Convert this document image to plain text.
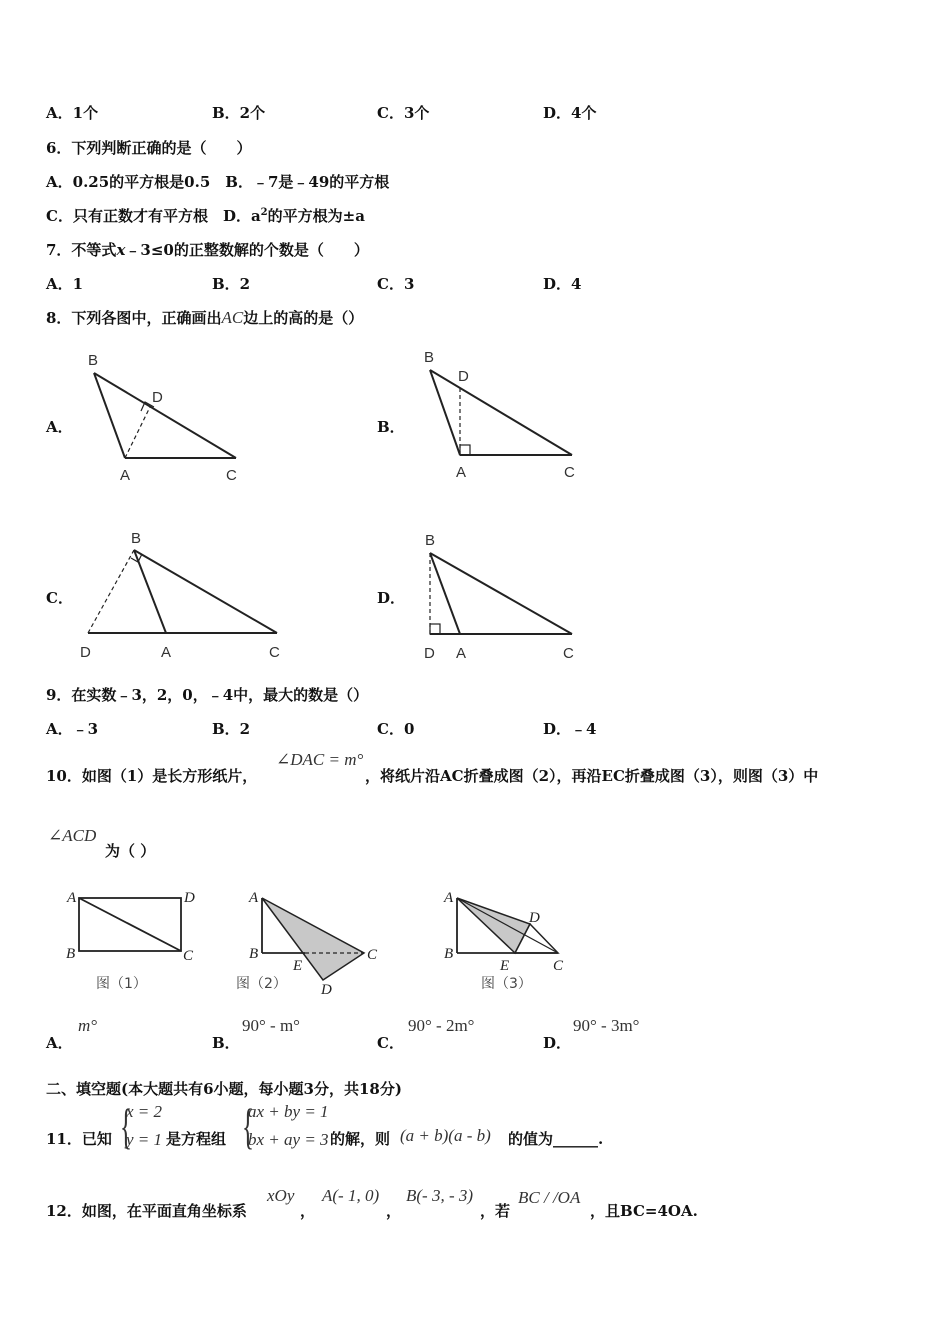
A．1个	B．2个	C．3个	D．4个
6．下列判断正确的是（　　）
A．0.25的平方根是0.5　B．﹣7是﹣49的平方根
C．只有正数才有平方根　D．$a^2$的平方根为±a
7．不等式x﹣3≤0的正整数解的个数是（　　）
A．1	B．2	C．3	D．4
8．下列各图中，正确画出AC边上的高的是（）
A．	B．
C．	D．
B
D
A	C
B
D
A	C
B
D	A	C
B
D A	C
9．在实数﹣3，2，0，﹣4中，最大的数是（）
A．﹣3	B．2	C．0	D．﹣4
10．如图（1）是长方形纸片，
∠DAC = m°
，将纸片沿AC折叠成图（2），再沿EC折叠成图（3），则图（3）中
∠ACD
为（ ）
A	D
B	C
图（1）
A
B
E
C
D
图（2）
A
B
D
E	C
图（3）
A．
m°
B．
90° - m°
C．
90° - 2m°
D．
90° - 3m°
二、填空题(本大题共有6小题，每小题3分，共18分)
11．已知 {
x = 2
y = 1 是方程组 {
ax + by = 1
bx + ay = 3 的解，则 (a + b)(a - b) 的值为______.
12．如图，在平面直角坐标系
xOy
，
A(- 1, 0)
，
B(- 3, - 3)
，若
BC / /OA
，且BC=4OA.
